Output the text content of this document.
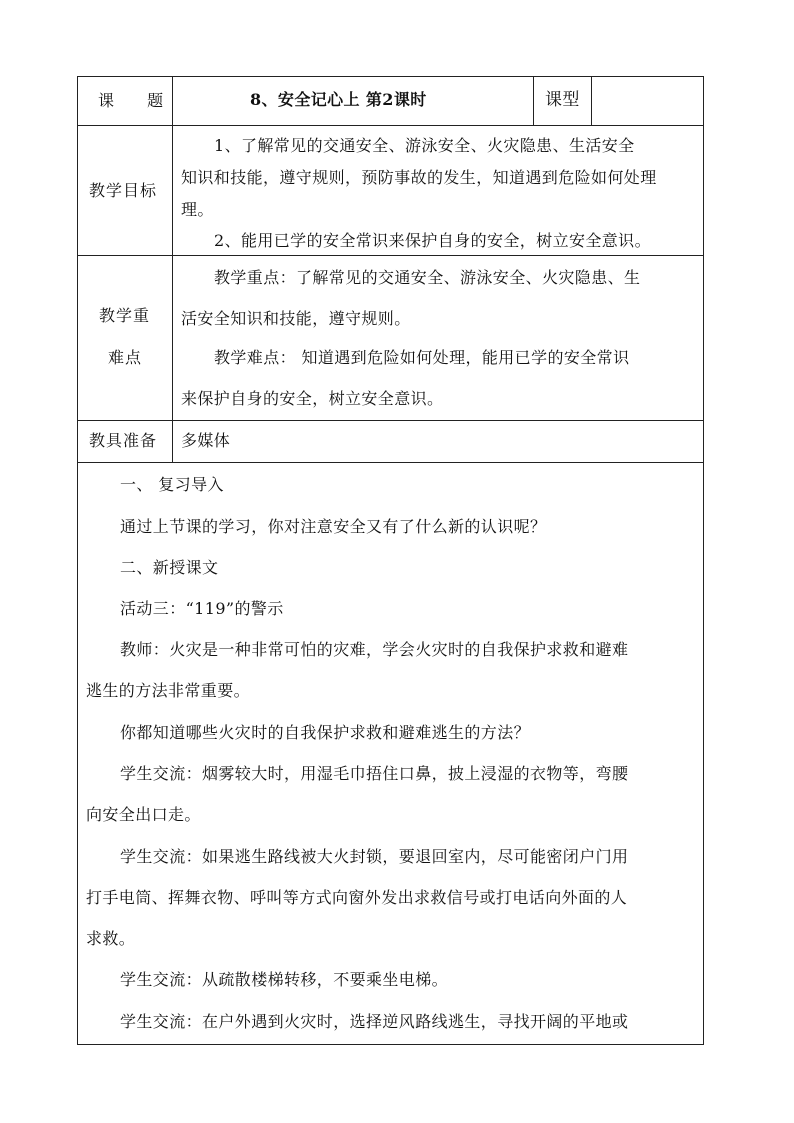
课 题	8、安全记心上 第2课时	课型
教学目标
1、了解常见的交通安全、游泳安全、火灾隐患、生活安全
知识和技能，遵守规则，预防事故的发生，知道遇到危险如何处理
理。
2、能用已学的安全常识来保护自身的安全，树立安全意识。
教学重
难点
教学重点：了解常见的交通安全、游泳安全、火灾隐患、生
活安全知识和技能，遵守规则。
教学难点： 知道遇到危险如何处理，能用已学的安全常识
来保护自身的安全，树立安全意识。
教具准备 多媒体
一、 复习导入
通过上节课的学习，你对注意安全又有了什么新的认识呢？
二、新授课文
活动三：“119”的警示
教师：火灾是一种非常可怕的灾难，学会火灾时的自我保护求救和避难
逃生的方法非常重要。
你都知道哪些火灾时的自我保护求救和避难逃生的方法？
学生交流：烟雾较大时，用湿毛巾捂住口鼻，披上浸湿的衣物等，弯腰
向安全出口走。
学生交流：如果逃生路线被大火封锁，要退回室内，尽可能密闭户门用
打手电筒、挥舞衣物、呼叫等方式向窗外发出求救信号或打电话向外面的人
求救。
学生交流：从疏散楼梯转移，不要乘坐电梯。
学生交流：在户外遇到火灾时，选择逆风路线逃生，寻找开阔的平地或
